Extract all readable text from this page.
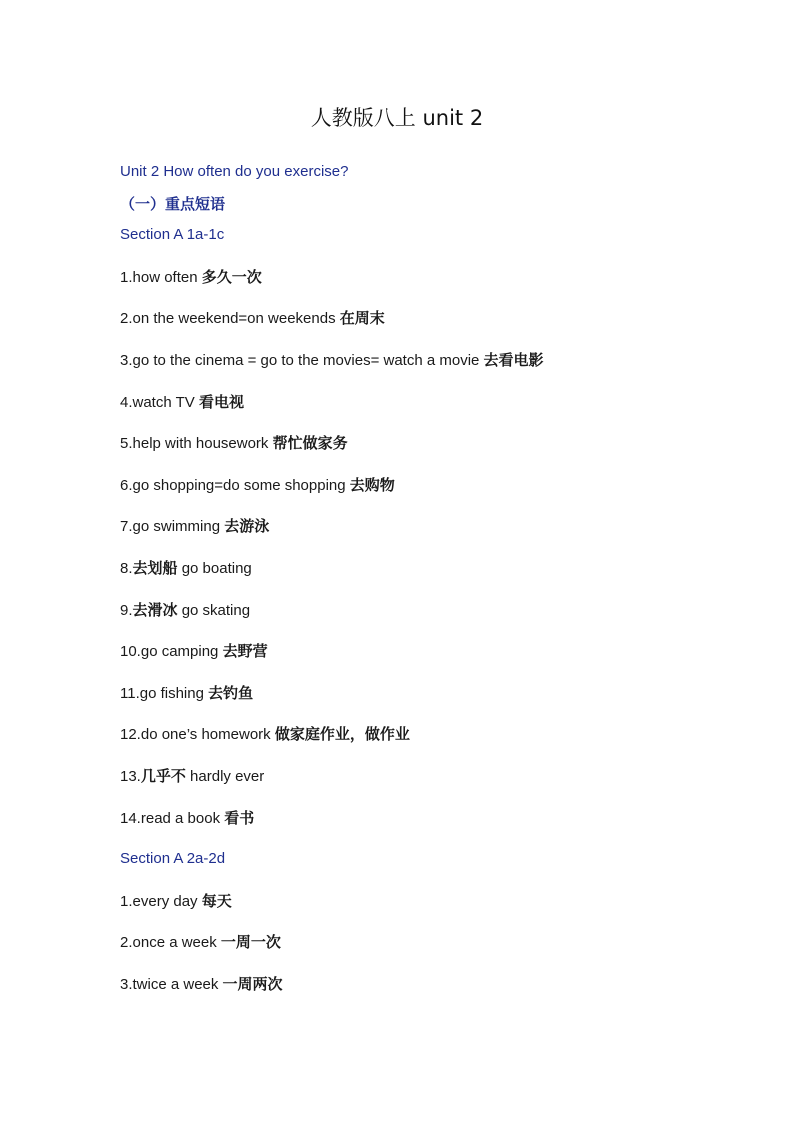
人教版八上 unit 2
Unit 2 How often do you exercise?
（一）重点短语
Section A 1a-1c
1.how often 多久一次
2.on the weekend=on weekends 在周末
3.go to the cinema = go to the movies= watch a movie 去看电影
4.watch TV 看电视
5.help with housework 帮忙做家务
6.go shopping=do some shopping 去购物
7.go swimming 去游泳
8.去划船 go boating
9.去滑冰 go skating
10.go camping 去野营
11.go fishing 去钓鱼
12.do one’s homework 做家庭作业，做作业
13.几乎不 hardly ever
14.read a book 看书
Section A 2a-2d
1.every day 每天
2.once a week 一周一次
3.twice a week 一周两次
